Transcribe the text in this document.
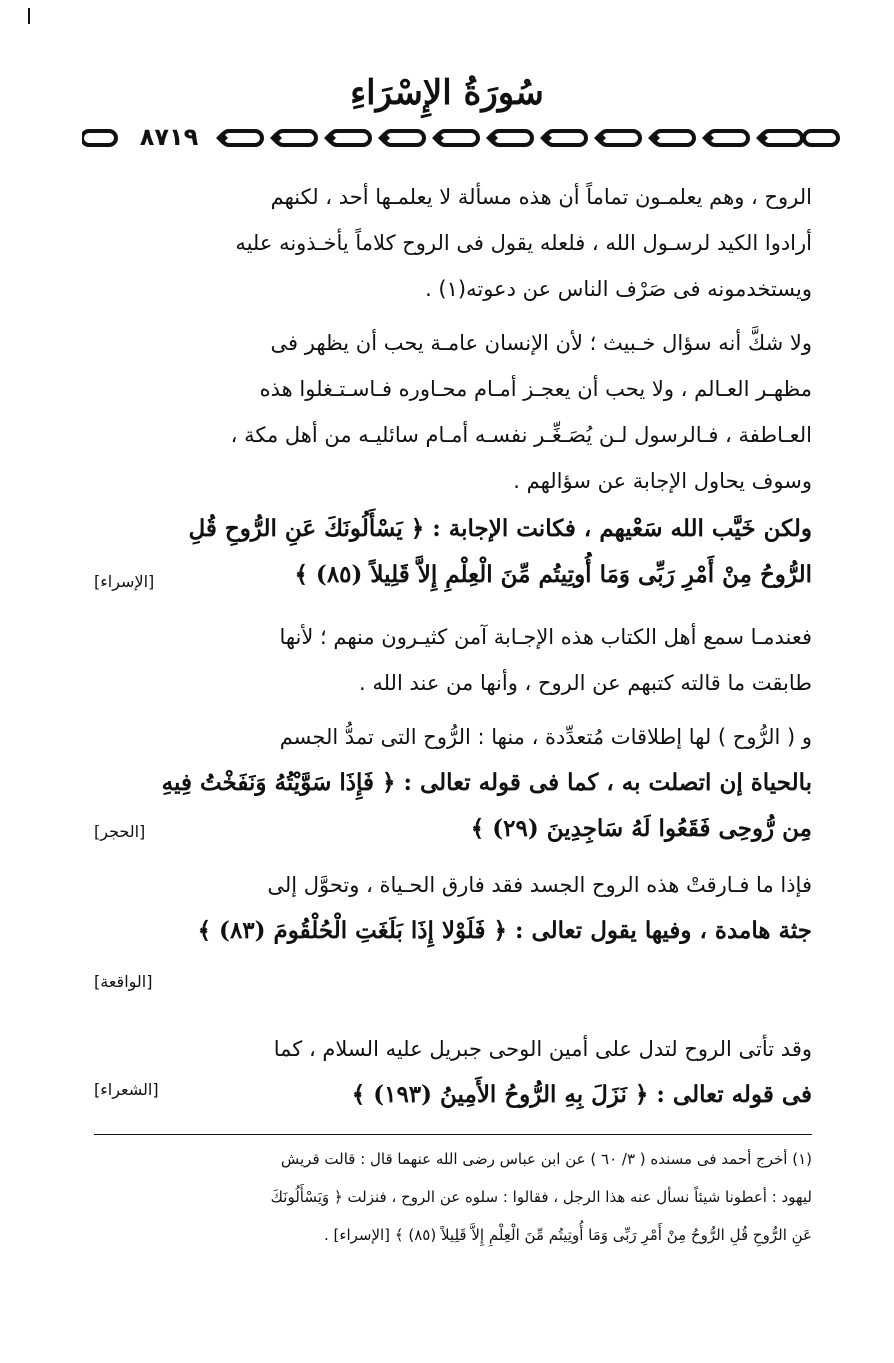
سُورَةُ الإِسْرَاءِ
٨٧١٩
الروح ، وهم يعلمـون تماماً أن هذه مسألة لا يعلمـها أحد ، لكنهم
أرادوا الكيد لرسـول الله ، فلعله يقول فى الروح كلاماً يأخـذونه عليه
ويستخدمونه فى صَرْف الناس عن دعوته(١) .
ولا شكَّ أنه سؤال خـبيث ؛ لأن الإنسان عامـة يحب أن يظهر فى
مظهـر العـالم ، ولا يحب أن يعجـز أمـام محـاوره فـاسـتـغلوا هذه
العـاطفة ، فـالرسول لـن يُصَـغِّـر نفسـه أمـام سائليـه من أهل مكة ،
وسوف يحاول الإجابة عن سؤالهم .
ولكن خَيَّب الله سَعْيهم ، فكانت الإجابة : ﴿ يَسْأَلُونَكَ عَنِ الرُّوحِ قُلِ
الرُّوحُ مِنْ أَمْرِ رَبِّى وَمَا أُوتِيتُم مِّنَ الْعِلْمِ إِلاَّ قَلِيلاً (٨٥) ﴾
[الإسراء]
فعندمـا سمع أهل الكتاب هذه الإجـابة آمن كثيـرون منهم ؛ لأنها
طابقت ما قالته كتبهم عن الروح ، وأنها من عند الله .
و ( الرُّوح ) لها إطلاقات مُتعدِّدة ، منها : الرُّوح التى تمدُّ الجسم
بالحياة إن اتصلت به ، كما فى قوله تعالى : ﴿ فَإِذَا سَوَّيْتُهُ وَنَفَخْتُ فِيهِ
مِن رُّوحِى فَقَعُوا لَهُ سَاجِدِينَ (٢٩) ﴾
[الحجر]
فإذا ما فـارقتْ هذه الروح الجسد فقد فارق الحـياة ، وتحوَّل إلى
جثة هامدة ، وفيها يقول تعالى : ﴿ فَلَوْلا إِذَا بَلَغَتِ الْحُلْقُومَ (٨٣) ﴾
[الواقعة]
وقد تأتى الروح لتدل على أمين الوحى جبريل عليه السلام ، كما
فى قوله تعالى : ﴿ نَزَلَ بِهِ الرُّوحُ الأَمِينُ (١٩٣) ﴾
[الشعراء]
(١) أخرج أحمد فى مسنده ( ٣/ ٦٠ ) عن ابن عباس رضى الله عنهما قال : قالت قريش
ليهود : أعطونا شيئاً نسأل عنه هذا الرجل ، فقالوا : سلوه عن الروح ، فنزلت ﴿ وَيَسْأَلُونَكَ
عَنِ الرُّوحِ قُلِ الرُّوحُ مِنْ أَمْرِ رَبِّى وَمَا أُوتِيتُم مِّنَ الْعِلْمِ إِلاَّ قَلِيلاً (٨٥) ﴾ [الإسراء] .
